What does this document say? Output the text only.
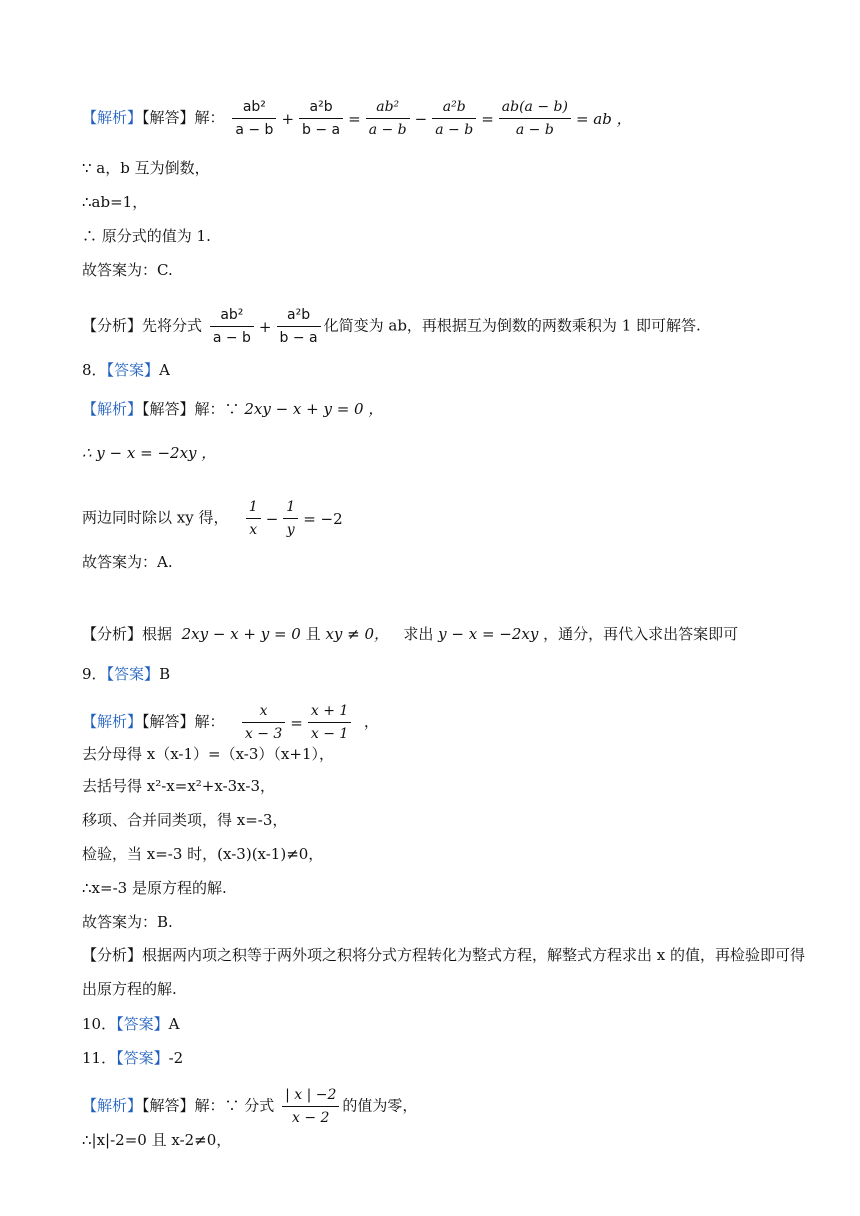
【解析】【解答】解： $\frac{\text{ab²}}{a - b} + \frac{\text{a²b}}{b - a} = \frac{\text{ab²}}{a - b} - \frac{\text{a²b}}{a - b} = \frac{ab(a - b)}{a - b}$ = ab ，
∵ a，b 互为倒数，
∴ab=1，
∴ 原分式的值为 1.
故答案为：C.
【分析】先将分式 $\frac{\text{ab²}}{a - b} + \frac{\text{a²b}}{b - a}$ 化简变为 ab，再根据互为倒数的两数乘积为 1 即可解答.
8．【答案】A
【解析】【解答】解：∵ 2xy − x + y = 0 ，
∴ y − x = −2xy ，
两边同时除以 xy 得， $\frac{1}{x} - \frac{1}{y} = -2$
故答案为：A.
【分析】根据 2xy − x + y = 0 且 xy ≠ 0， 求出 y − x = −2xy ，通分，再代入求出答案即可
9．【答案】B
【解析】【解答】解： $\frac{x}{x - 3} = \frac{x + 1}{x - 1}$ ，
去分母得 x（x-1）=（x-3）（x+1），
去括号得 x²-x=x²+x-3x-3，
移项、合并同类项，得 x=-3，
检验，当 x=-3 时，(x-3)(x-1)≠0，
∴x=-3 是原方程的解.
故答案为：B.
【分析】根据两内项之积等于两外项之积将分式方程转化为整式方程，解整式方程求出 x 的值，再检验即可得出原方程的解.
10．【答案】A
11．【答案】-2
【解析】【解答】解：∵ 分式 $\frac{| x | -2}{x - 2}$ 的值为零，
∴|x|-2=0 且 x-2≠0，
